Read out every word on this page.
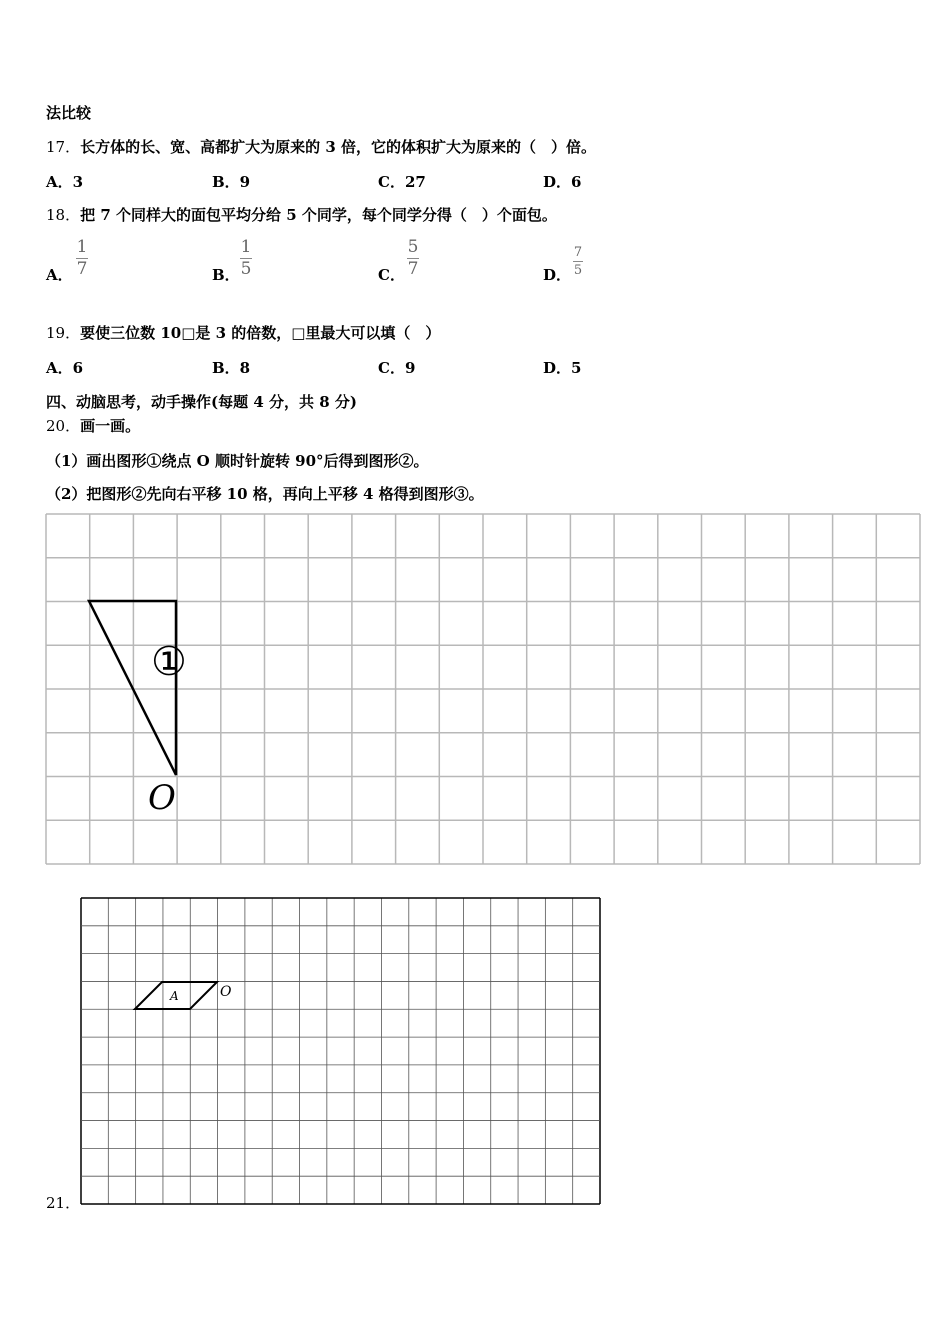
法比较
17．长方体的长、宽、高都扩大为原来的 3 倍，它的体积扩大为原来的（　）倍。
A．3	B．9	C．27	D．6
18．把 7 个同样大的面包平均分给 5 个同学，每个同学分得（　）个面包。
A．
1
7	B．
1
5	C．
5
7	D．
7
5
19．要使三位数 10□是 3 的倍数，□里最大可以填（　）
A．6	B．8	C．9	D．5
四、动脑思考，动手操作(每题 4 分，共 8 分)
20．画一画。
（1）画出图形①绕点 O 顺时针旋转 90°后得到图形②。
（2）把图形②先向右平移 10 格，再向上平移 4 格得到图形③。
①
O
21．
A	O
